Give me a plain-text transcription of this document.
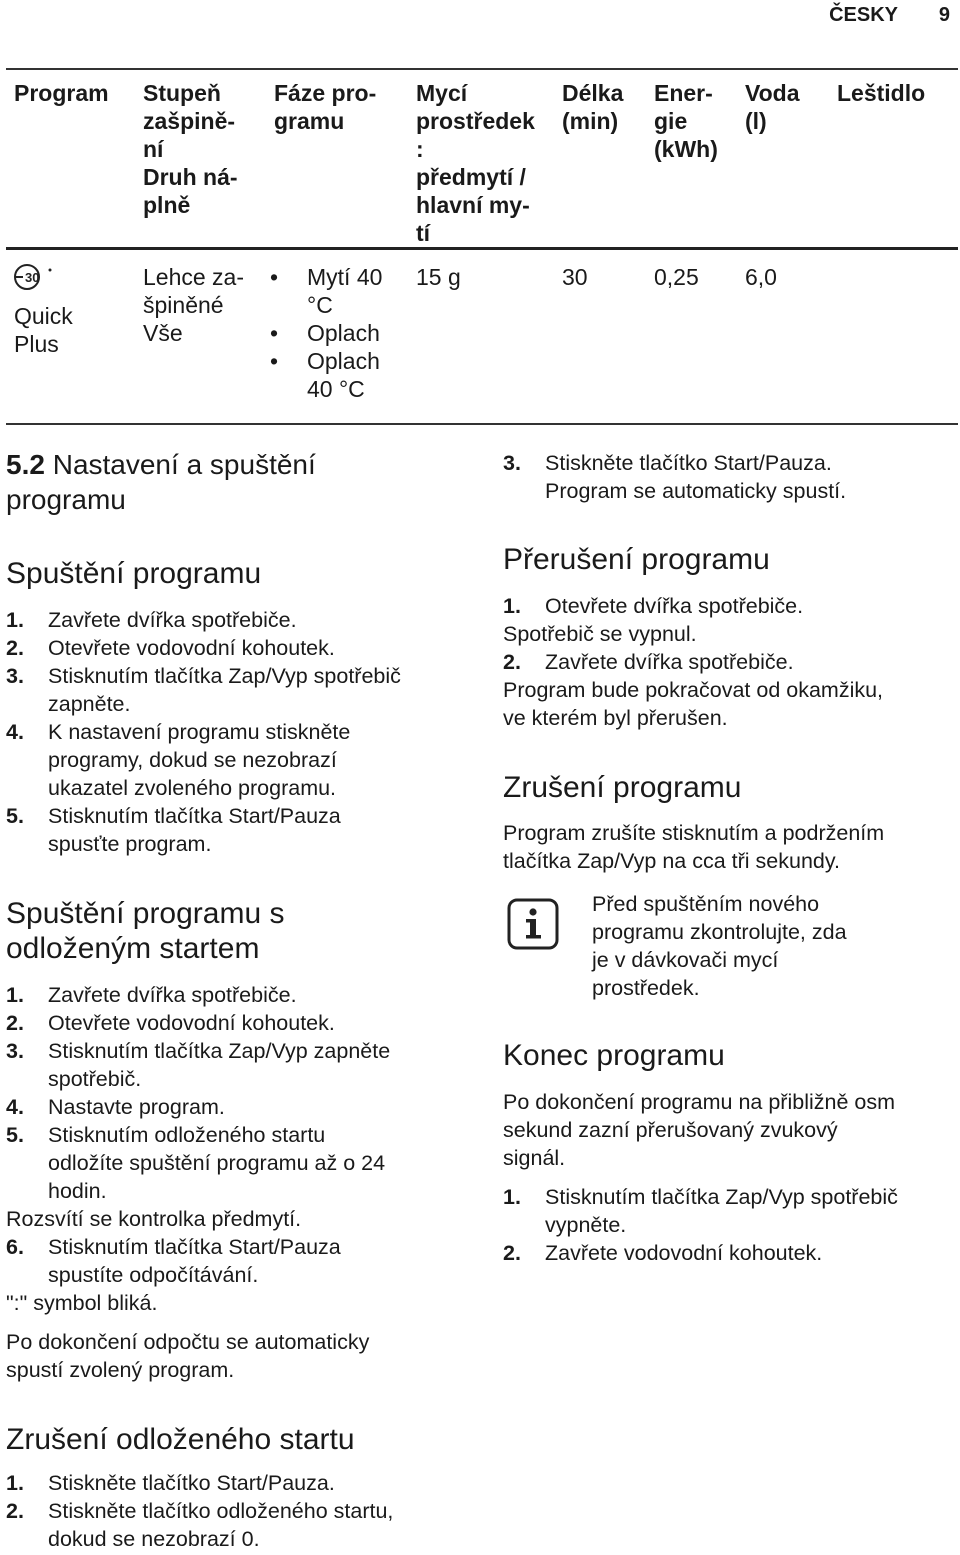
ČESKY 9
Program Stupeň
zašpině-
ní
Druh ná-
plně
Fáze pro-
gramu
Mycí
prostředek
:
předmytí /
hlavní my-
tí
Délka
(min)
Ener-
gie
(kWh)
Voda
(l)
Leštidlo
30
Quick
Plus
Lehce za-
špiněné
Vše
• Mytí 40
°C
• Oplach
• Oplach
40 °C
15 g	30	0,25 6,0
5.2 Nastavení a spuštění
programu
Spuštění programu
1. Zavřete dvířka spotřebiče.
2. Otevřete vodovodní kohoutek.
3. Stisknutím tlačítka Zap/Vyp spotřebič
zapněte.
4. K nastavení programu stiskněte
programy, dokud se nezobrazí
ukazatel zvoleného programu.
5. Stisknutím tlačítka Start/Pauza
spusťte program.
Spuštění programu s
odloženým startem
1. Zavřete dvířka spotřebiče.
2. Otevřete vodovodní kohoutek.
3. Stisknutím tlačítka Zap/Vyp zapněte
spotřebič.
4. Nastavte program.
5. Stisknutím odloženého startu
odložíte spuštění programu až o 24
hodin.
Rozsvítí se kontrolka předmytí.
6. Stisknutím tlačítka Start/Pauza
spustíte odpočítávání.
":" symbol bliká.

Po dokončení odpočtu se automaticky
spustí zvolený program.

Zrušení odloženého startu
1. Stiskněte tlačítko Start/Pauza.
2. Stiskněte tlačítko odloženého startu,
dokud se nezobrazí 0.
3. Stiskněte tlačítko Start/Pauza.
Program se automaticky spustí.
Přerušení programu
1. Otevřete dvířka spotřebiče.
Spotřebič se vypnul.
2. Zavřete dvířka spotřebiče.
Program bude pokračovat od okamžiku,
ve kterém byl přerušen.
Zrušení programu

Program zrušíte stisknutím a podržením
tlačítka Zap/Vyp na cca tři sekundy.

Před spuštěním nového
programu zkontrolujte, zda
je v dávkovači mycí
prostředek.
Konec programu

Po dokončení programu na přibližně osm
sekund zazní přerušovaný zvukový
signál.

1. Stisknutím tlačítka Zap/Vyp spotřebič
vypněte.
2. Zavřete vodovodní kohoutek.
